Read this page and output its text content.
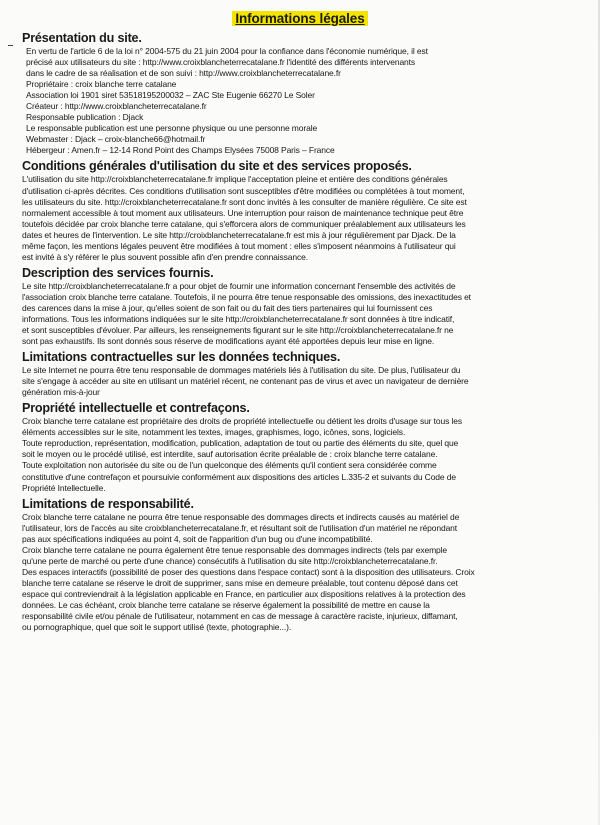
Informations légales
Présentation du site.

En vertu de l'article 6 de la loi n° 2004-575 du 21 juin 2004 pour la confiance dans l'économie numérique, il est

précisé aux utilisateurs du site : http://www.croixblancheterrecatalane.fr l'identité des différents intervenants

dans le cadre de sa réalisation et de son suivi : http://www.croixblancheterrecatalane.fr

Propriétaire : croix blanche terre catalane

Association loi 1901 siret 53518195200032 – ZAC Ste Eugenie 66270 Le Soler

Créateur : http://www.croixblancheterrecatalane.fr

Responsable publication : Djack

Le responsable publication est une personne physique ou une personne morale

Webmaster : Djack – croix-blanche66@hotmail.fr

Hébergeur : Amen.fr – 12-14 Rond Point des Champs Elysées 75008 Paris – France

Conditions générales d'utilisation du site et des services proposés.

L'utilisation du site http://croixblancheterrecatalane.fr implique l'acceptation pleine et entière des conditions générales

d'utilisation ci-après décrites. Ces conditions d'utilisation sont susceptibles d'être modifiées ou complétées à tout moment,

les utilisateurs du site. http://croixblancheterrecatalane.fr sont donc invités à les consulter de manière régulière. Ce site est

normalement accessible à tout moment aux utilisateurs. Une interruption pour raison de maintenance technique peut être

toutefois décidée par croix blanche terre catalane, qui s'efforcera alors de communiquer préalablement aux utilisateurs les

dates et heures de l'intervention. Le site http://croixblancheterrecatalane.fr est mis à jour régulièrement par Djack. De la

même façon, les mentions légales peuvent être modifiées à tout moment : elles s'imposent néanmoins à l'utilisateur qui

est invité à s'y référer le plus souvent possible afin d'en prendre connaissance.

Description des services fournis.

Le site http://croixblancheterrecatalane.fr a pour objet de fournir une information concernant l'ensemble des activités de

l'association croix blanche terre catalane. Toutefois, il ne pourra être tenue responsable des omissions, des inexactitudes et

des carences dans la mise à jour, qu'elles soient de son fait ou du fait des tiers partenaires qui lui fournissent ces

informations. Tous les informations indiquées sur le site http://croixblancheterrecatalane.fr sont données à titre indicatif,

et sont susceptibles d'évoluer. Par ailleurs, les renseignements figurant sur le site http://croixblancheterrecatalane.fr ne

sont pas exhaustifs. Ils sont donnés sous réserve de modifications ayant été apportées depuis leur mise en ligne.

Limitations contractuelles sur les données techniques.

Le site Internet ne pourra être tenu responsable de dommages matériels liés à l'utilisation du site. De plus, l'utilisateur du

site s'engage à accéder au site en utilisant un matériel récent, ne contenant pas de virus et avec un navigateur de dernière

génération mis-à-jour

Propriété intellectuelle et contrefaçons.

Croix blanche terre catalane est propriétaire des droits de propriété intellectuelle ou détient les droits d'usage sur tous les

éléments accessibles sur le site, notamment les textes, images, graphismes, logo, icônes, sons, logiciels.

Toute reproduction, représentation, modification, publication, adaptation de tout ou partie des éléments du site, quel que

soit le moyen ou le procédé utilisé, est interdite, sauf autorisation écrite préalable de : croix blanche terre catalane.

Toute exploitation non autorisée du site ou de l'un quelconque des éléments qu'il contient sera considérée comme

constitutive d'une contrefaçon et poursuivie conformément aux dispositions des articles L.335-2 et suivants du Code de

Propriété Intellectuelle.

Limitations de responsabilité.

Croix blanche terre catalane ne pourra être tenue responsable des dommages directs et indirects causés au matériel de

l'utilisateur, lors de l'accès au site croixblancheterrecatalane.fr, et résultant soit de l'utilisation d'un matériel ne répondant

pas aux spécifications indiquées au point 4, soit de l'apparition d'un bug ou d'une incompatibilité.

Croix blanche terre catalane ne pourra également être tenue responsable des dommages indirects (tels par exemple

qu'une perte de marché ou perte d'une chance) consécutifs à l'utilisation du site http://croixblancheterrecatalane.fr.

Des espaces interactifs (possibilité de poser des questions dans l'espace contact) sont à la disposition des utilisateurs. Croix

blanche terre catalane se réserve le droit de supprimer, sans mise en demeure préalable, tout contenu déposé dans cet

espace qui contreviendrait à la législation applicable en France, en particulier aux dispositions relatives à la protection des

données. Le cas échéant, croix blanche terre catalane se réserve également la possibilité de mettre en cause la

responsabilité civile et/ou pénale de l'utilisateur, notamment en cas de message à caractère raciste, injurieux, diffamant,

ou pornographique, quel que soit le support utilisé (texte, photographie...).
